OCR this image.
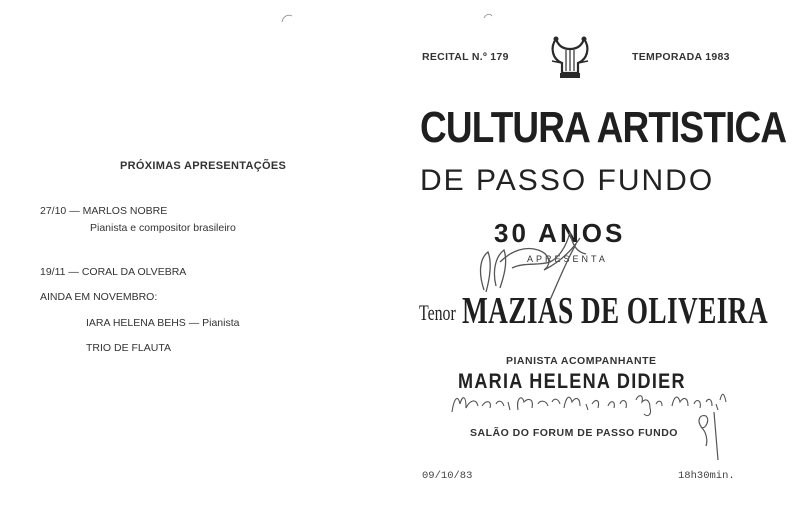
PRÓXIMAS APRESENTAÇÕES
27/10 — MARLOS NOBRE
Pianista e compositor brasileiro
19/11 — CORAL DA OLVEBRA
AINDA EM NOVEMBRO:
IARA HELENA BEHS — Pianista
TRIO DE FLAUTA
RECITAL N.º 179	TEMPORADA 1983
CULTURA ARTISTICA
DE PASSO FUNDO
30 ANOS
APRESENTA
Tenor MAZIAS DE OLIVEIRA
PIANISTA ACOMPANHANTE
MARIA HELENA DIDIER
SALÃO DO FORUM DE PASSO FUNDO
09/10/83	18h30min.
